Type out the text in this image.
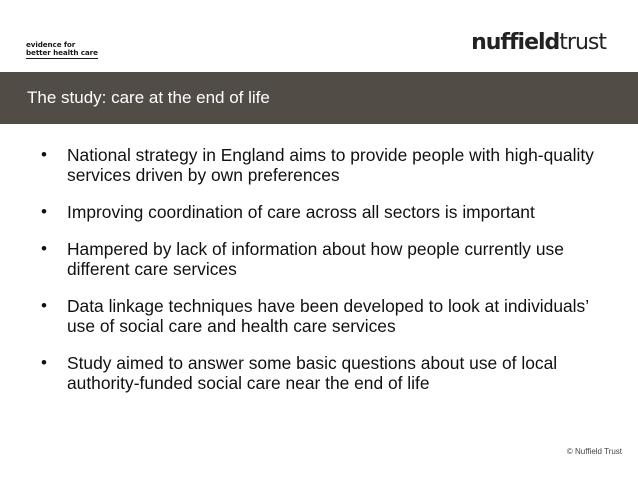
evidence for
better health care	nuffieldtrust
The study: care at the end of life
• National strategy in England aims to provide people with high-quality services driven by own preferences
• Improving coordination of care across all sectors is important
• Hampered by lack of information about how people currently use different care services
• Data linkage techniques have been developed to look at individuals’ use of social care and health care services
• Study aimed to answer some basic questions about use of local authority-funded social care near the end of life
© Nuffield Trust
